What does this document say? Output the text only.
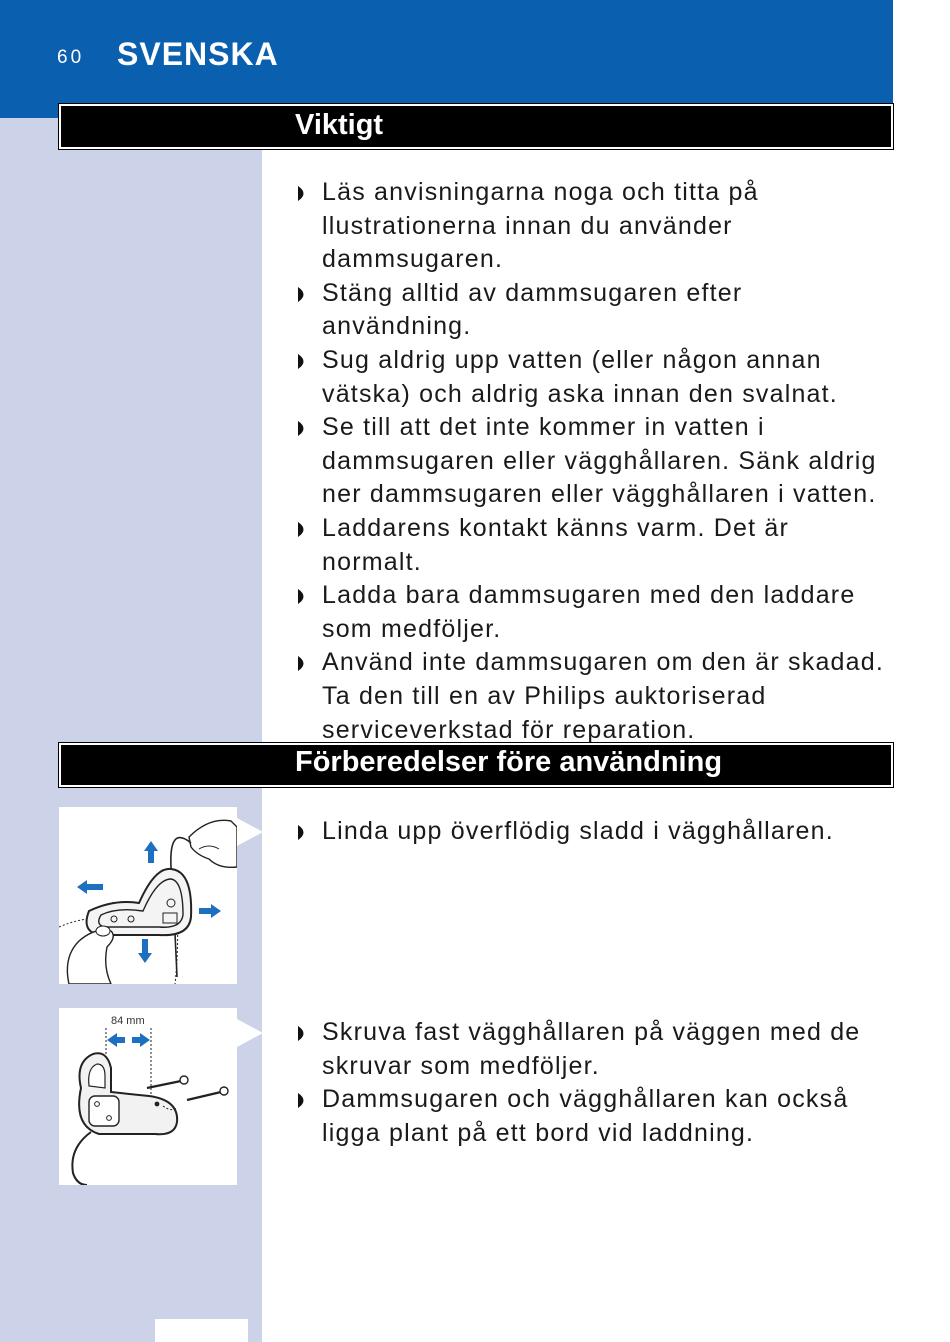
60 SVENSKA
Viktigt
Läs anvisningarna noga och titta på
llustrationerna innan du använder
dammsugaren.
Stäng alltid av dammsugaren efter användning.
Sug aldrig upp vatten (eller någon annan
vätska) och aldrig aska innan den svalnat.
Se till att det inte kommer in vatten i
dammsugaren eller vägghållaren. Sänk aldrig
ner dammsugaren eller vägghållaren i vatten.
Laddarens kontakt känns varm. Det är
normalt.
Ladda bara dammsugaren med den laddare
som medföljer.
Använd inte dammsugaren om den är skadad.
Ta den till en av Philips auktoriserad
serviceverkstad för reparation.
Förberedelser före användning
Linda upp överflödig sladd i vägghållaren.
84 mm	Skruva fast vägghållaren på väggen med de
skruvar som medföljer.
Dammsugaren och vägghållaren kan också
ligga plant på ett bord vid laddning.
